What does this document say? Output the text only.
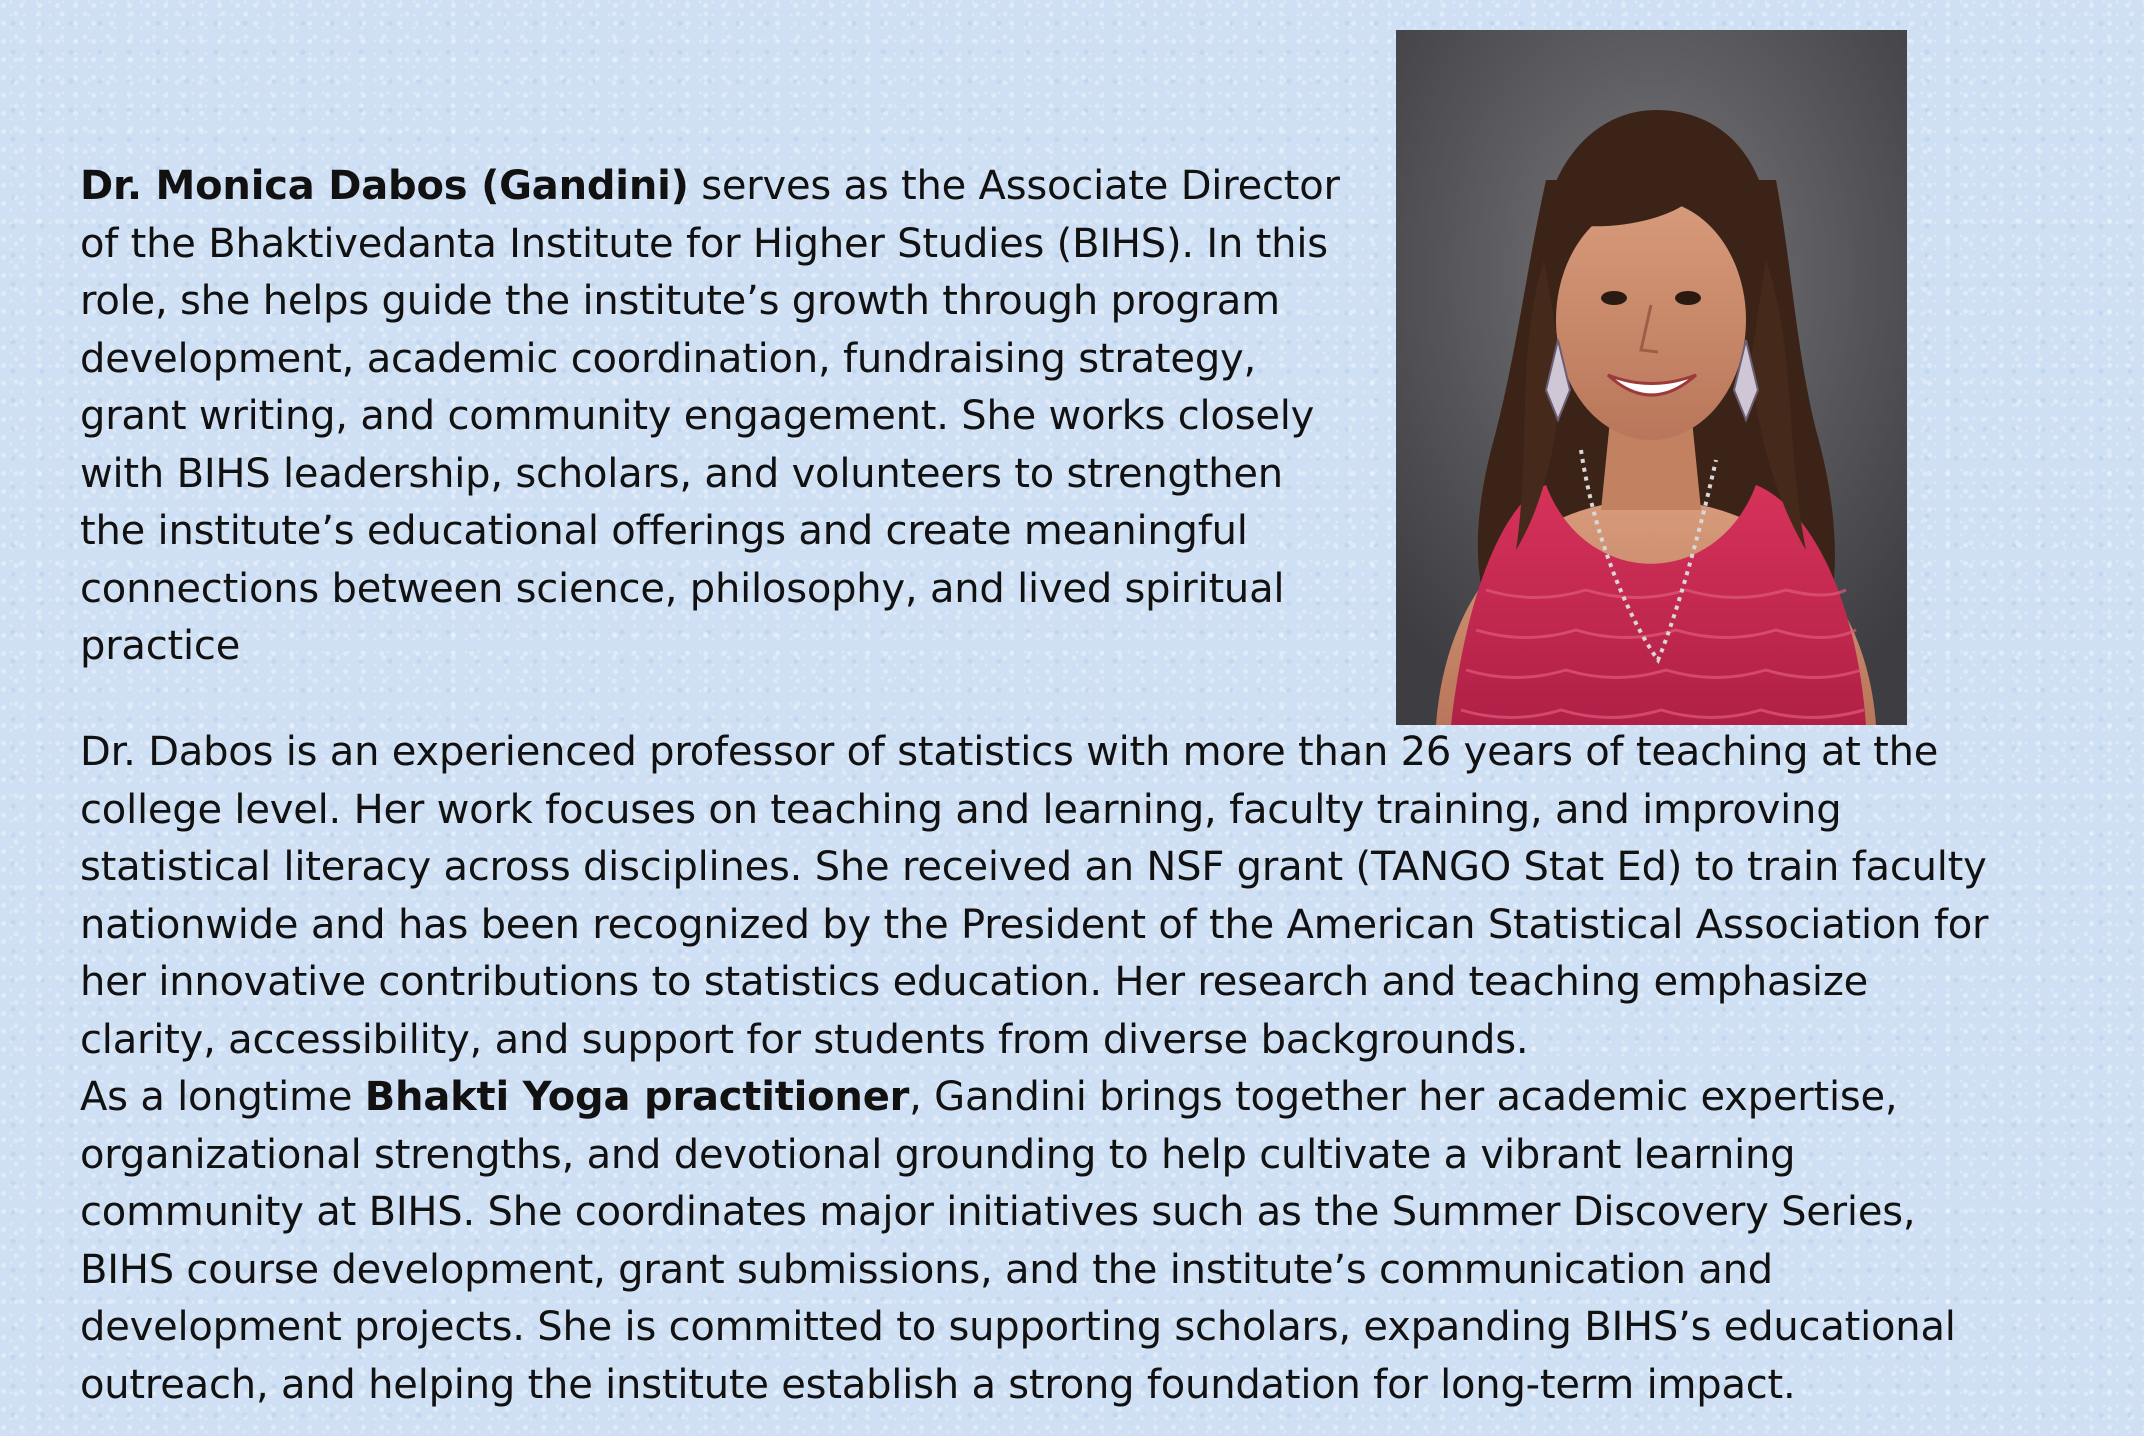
Dr. Monica Dabos (Gandini) serves as the Associate Director
of the Bhaktivedanta Institute for Higher Studies (BIHS). In this
role, she helps guide the institute’s growth through program
development, academic coordination, fundraising strategy,
grant writing, and community engagement. She works closely
with BIHS leadership, scholars, and volunteers to strengthen
the institute’s educational offerings and create meaningful
connections between science, philosophy, and lived spiritual
practice
Dr. Dabos is an experienced professor of statistics with more than 26 years of teaching at the
college level. Her work focuses on teaching and learning, faculty training, and improving
statistical literacy across disciplines. She received an NSF grant (TANGO Stat Ed) to train faculty
nationwide and has been recognized by the President of the American Statistical Association for
her innovative contributions to statistics education. Her research and teaching emphasize
clarity, accessibility, and support for students from diverse backgrounds.
As a longtime Bhakti Yoga practitioner, Gandini brings together her academic expertise,
organizational strengths, and devotional grounding to help cultivate a vibrant learning
community at BIHS. She coordinates major initiatives such as the Summer Discovery Series,
BIHS course development, grant submissions, and the institute’s communication and
development projects. She is committed to supporting scholars, expanding BIHS’s educational
outreach, and helping the institute establish a strong foundation for long-term impact.
